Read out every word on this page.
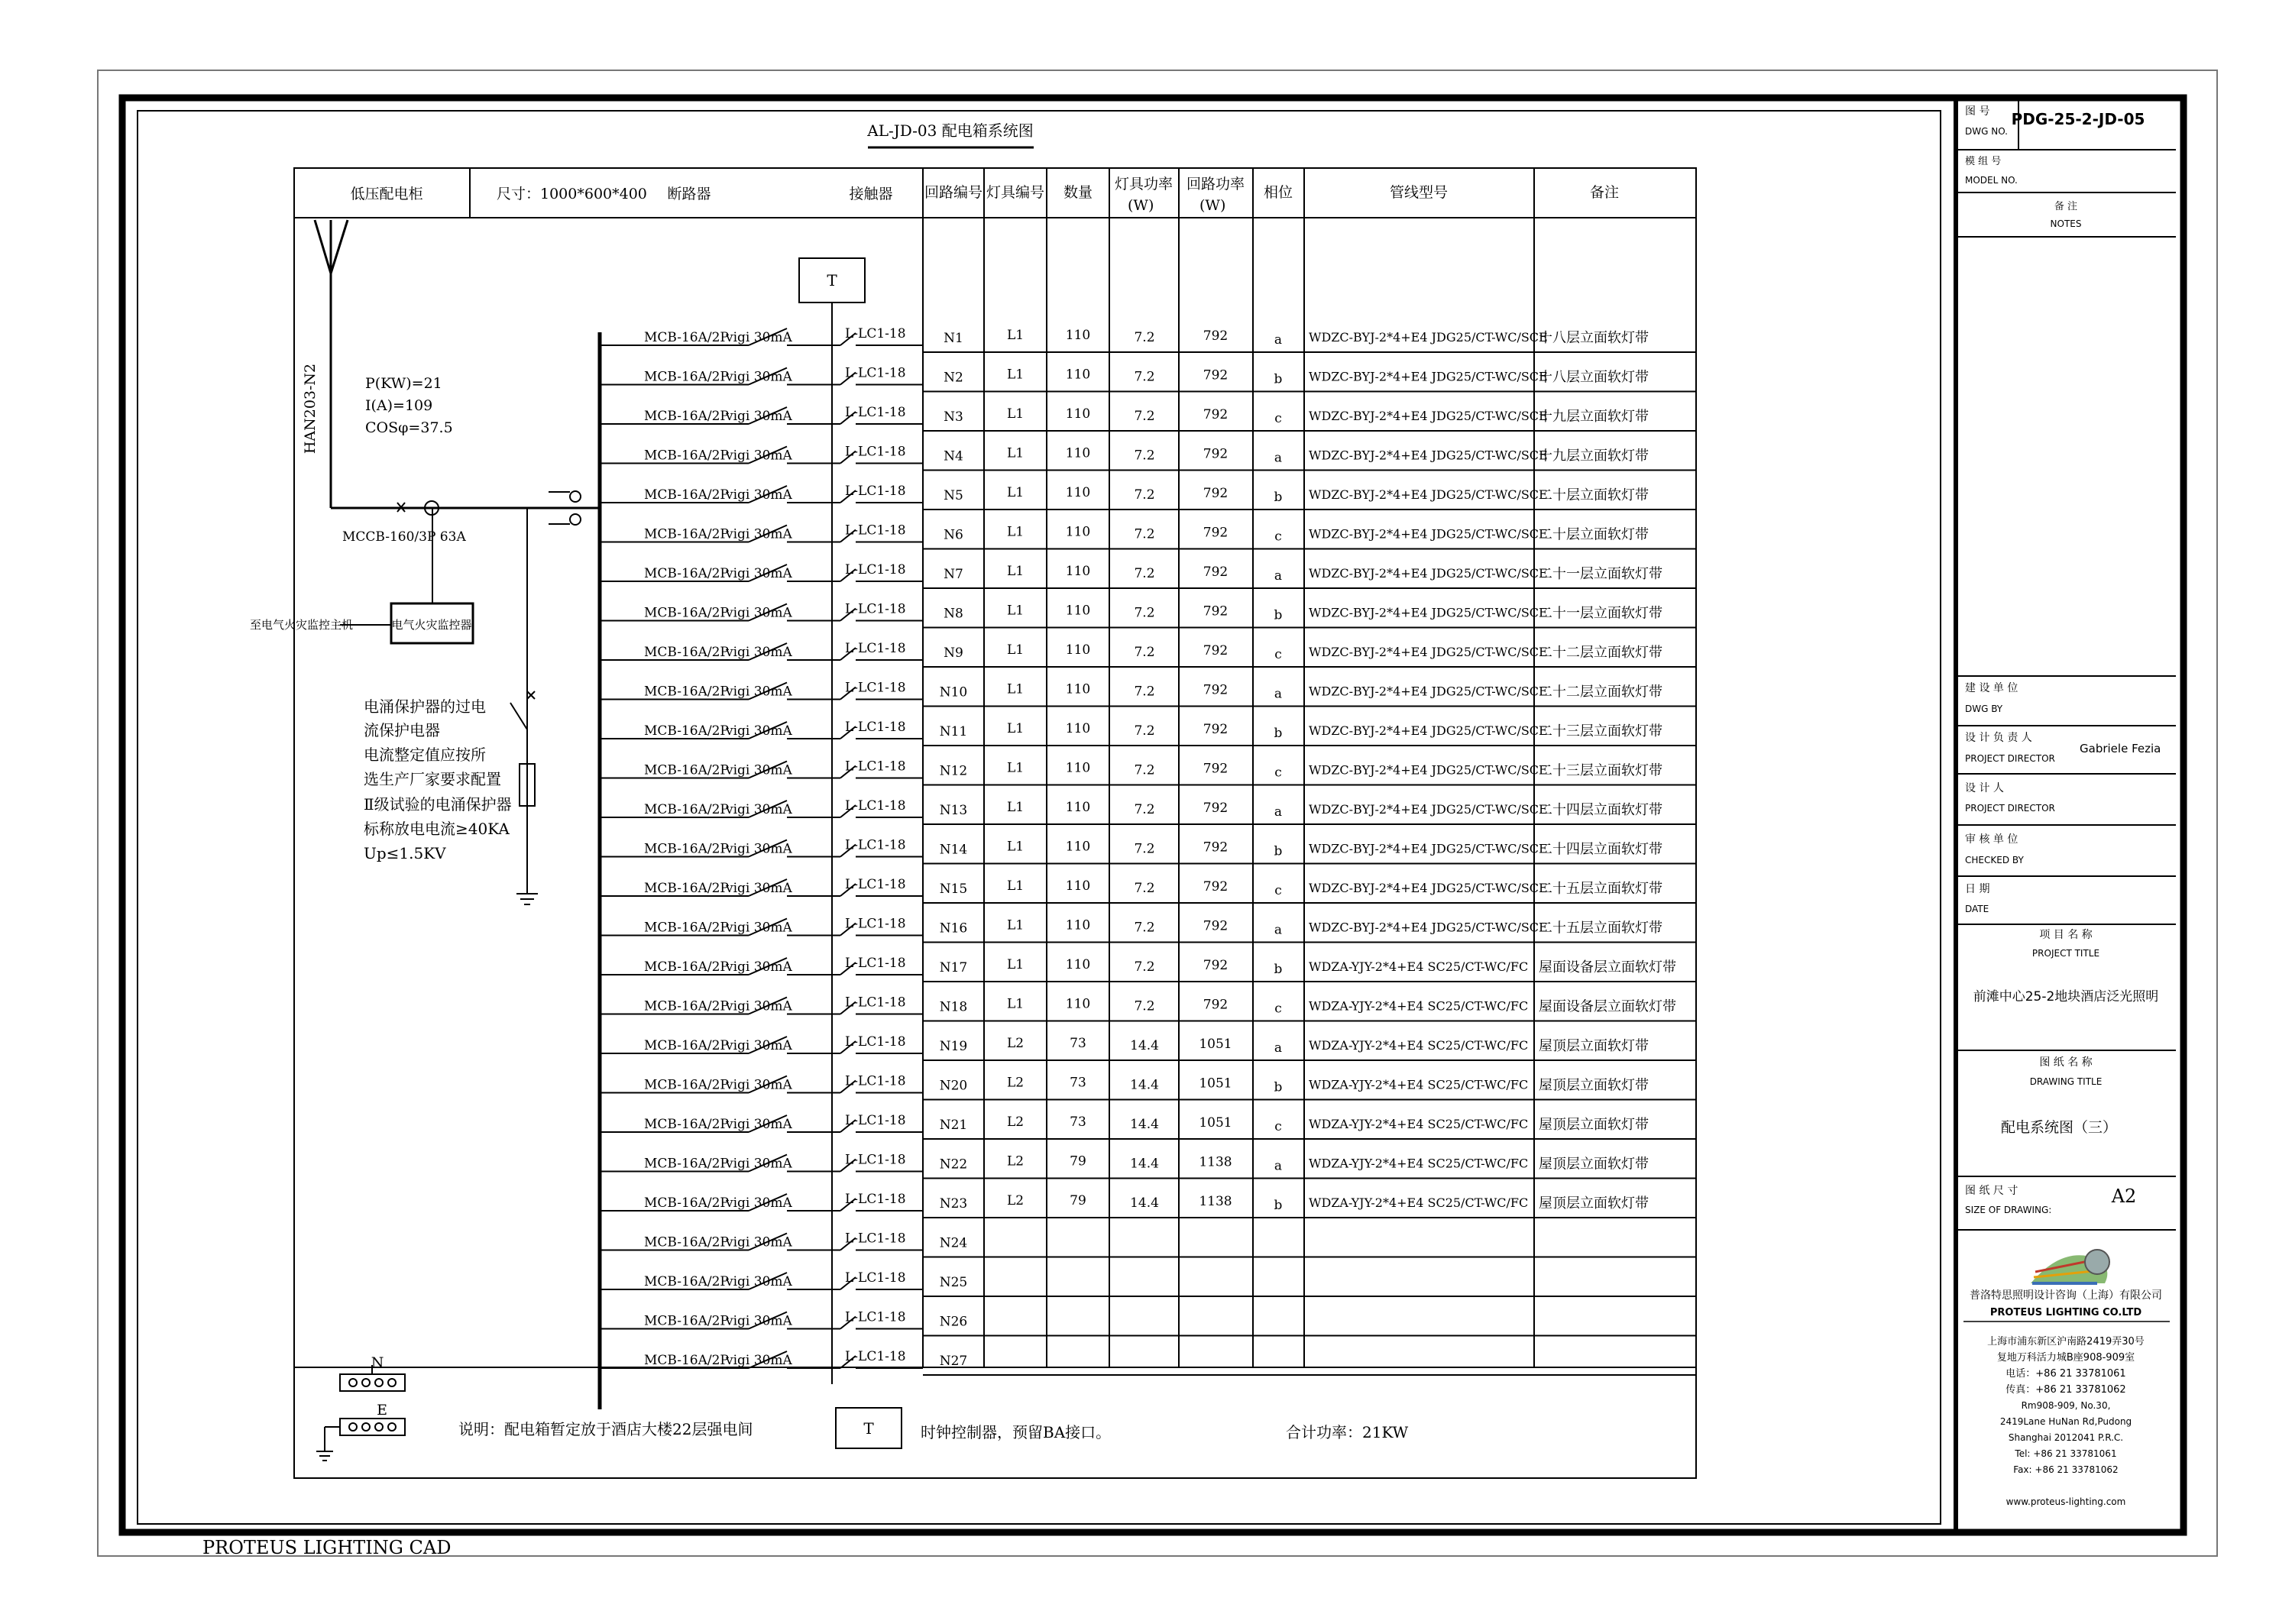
AL-JD-03 配电箱系统图
低压配电柜	尺寸：1000*600*400 断路器	接触器 回路编号 灯具编号 数量 灯具功率
(W)
回路功率
(W)
相位	管线型号	备注
电气火灾监控器
至电气火灾监控主机
HAN203-N2	P(KW)=21
I(A)=109
COSφ=37.5
MCCB-160/3P 63A
电涌保护器的过电
流保护电器
电流整定值应按所
选生产厂家要求配置
Ⅱ级试验的电涌保护器
标称放电电流≥40KA
Up≤1.5KV
T
MCB-16A/2P
vigi 30mA	L-LC1-18	N1	L1	110	7.2	792	a WDZC-BYJ-2*4+E4 JDG25/CT-WC/SCE
十八层立面软灯带
MCB-16A/2P
vigi 30mA	L-LC1-18	N2	L1	110	7.2	792	b WDZC-BYJ-2*4+E4 JDG25/CT-WC/SCE
十八层立面软灯带
MCB-16A/2P
vigi 30mA	L-LC1-18	N3	L1	110	7.2	792	c WDZC-BYJ-2*4+E4 JDG25/CT-WC/SCE
十九层立面软灯带
MCB-16A/2P
vigi 30mA	L-LC1-18	N4	L1	110	7.2	792	a WDZC-BYJ-2*4+E4 JDG25/CT-WC/SCE
十九层立面软灯带
MCB-16A/2P
vigi 30mA	L-LC1-18	N5	L1	110	7.2	792	b WDZC-BYJ-2*4+E4 JDG25/CT-WC/SCE
二十层立面软灯带
MCB-16A/2P
vigi 30mA	L-LC1-18	N6	L1	110	7.2	792	c WDZC-BYJ-2*4+E4 JDG25/CT-WC/SCE
二十层立面软灯带
MCB-16A/2P
vigi 30mA	L-LC1-18	N7	L1	110	7.2	792	a WDZC-BYJ-2*4+E4 JDG25/CT-WC/SCE
二十一层立面软灯带
MCB-16A/2P
vigi 30mA	L-LC1-18	N8	L1	110	7.2	792	b WDZC-BYJ-2*4+E4 JDG25/CT-WC/SCE
二十一层立面软灯带
MCB-16A/2P
vigi 30mA	L-LC1-18	N9	L1	110	7.2	792	c WDZC-BYJ-2*4+E4 JDG25/CT-WC/SCE
二十二层立面软灯带
MCB-16A/2P
vigi 30mA	L-LC1-18	N10	L1	110	7.2	792	a WDZC-BYJ-2*4+E4 JDG25/CT-WC/SCE
二十二层立面软灯带
MCB-16A/2P
vigi 30mA	L-LC1-18	N11	L1	110	7.2	792	b WDZC-BYJ-2*4+E4 JDG25/CT-WC/SCE
二十三层立面软灯带
MCB-16A/2P
vigi 30mA	L-LC1-18	N12	L1	110	7.2	792	c WDZC-BYJ-2*4+E4 JDG25/CT-WC/SCE
二十三层立面软灯带
MCB-16A/2P
vigi 30mA	L-LC1-18	N13	L1	110	7.2	792	a WDZC-BYJ-2*4+E4 JDG25/CT-WC/SCE
二十四层立面软灯带
MCB-16A/2P
vigi 30mA	L-LC1-18	N14	L1	110	7.2	792	b WDZC-BYJ-2*4+E4 JDG25/CT-WC/SCE
二十四层立面软灯带
MCB-16A/2P
vigi 30mA	L-LC1-18	N15	L1	110	7.2	792	c WDZC-BYJ-2*4+E4 JDG25/CT-WC/SCE
二十五层立面软灯带
MCB-16A/2P
vigi 30mA	L-LC1-18	N16	L1	110	7.2	792	a WDZC-BYJ-2*4+E4 JDG25/CT-WC/SCE
二十五层立面软灯带
MCB-16A/2P
vigi 30mA	L-LC1-18	N17	L1	110	7.2	792	b WDZA-YJY-2*4+E4 SC25/CT-WC/FC 屋面设备层立面软灯带
MCB-16A/2P
vigi 30mA	L-LC1-18	N18	L1	110	7.2	792	c WDZA-YJY-2*4+E4 SC25/CT-WC/FC 屋面设备层立面软灯带
MCB-16A/2P
vigi 30mA	L-LC1-18	N19	L2	73	14.4	1051	a WDZA-YJY-2*4+E4 SC25/CT-WC/FC 屋顶层立面软灯带
MCB-16A/2P
vigi 30mA	L-LC1-18	N20	L2	73	14.4	1051	b WDZA-YJY-2*4+E4 SC25/CT-WC/FC 屋顶层立面软灯带
MCB-16A/2P
vigi 30mA	L-LC1-18	N21	L2	73	14.4	1051	c WDZA-YJY-2*4+E4 SC25/CT-WC/FC 屋顶层立面软灯带
MCB-16A/2P
vigi 30mA	L-LC1-18	N22	L2	79	14.4	1138	a WDZA-YJY-2*4+E4 SC25/CT-WC/FC 屋顶层立面软灯带
MCB-16A/2P
vigi 30mA	L-LC1-18	N23	L2	79	14.4	1138	b WDZA-YJY-2*4+E4 SC25/CT-WC/FC 屋顶层立面软灯带
MCB-16A/2P
vigi 30mA	L-LC1-18	N24
MCB-16A/2P
vigi 30mA	L-LC1-18	N25
MCB-16A/2P
vigi 30mA	L-LC1-18	N26
MCB-16A/2P
vigi 30mA	L-LC1-18	N27
N
E
说明：配电箱暂定放于酒店大楼22层强电间	T	时钟控制器，预留BA接口。	合计功率：21KW
PROTEUS LIGHTING CAD
图 号
DWG NO.
PDG-25-2-JD-05
模 组 号
MODEL NO.
备 注
NOTES
建 设 单 位
DWG BY
设 计 负 责 人
PROJECT DIRECTOR
Gabriele Fezia
设 计 人
PROJECT DIRECTOR
审 核 单 位
CHECKED BY
日 期
DATE
项 目 名 称
PROJECT TITLE
前滩中心25-2地块酒店泛光照明
图 纸 名 称
DRAWING TITLE
配电系统图（三）
图 纸 尺 寸
SIZE OF DRAWING:
A2
普洛特思照明设计咨询（上海）有限公司
PROTEUS LIGHTING CO.LTD
上海市浦东新区沪南路2419弄30号
复地万科活力城B座908-909室
电话：+86 21 33781061
传真：+86 21 33781062
Rm908-909, No.30,
2419Lane HuNan Rd,Pudong
Shanghai 2012041 P.R.C.
Tel: +86 21 33781061
Fax: +86 21 33781062
www.proteus-lighting.com
